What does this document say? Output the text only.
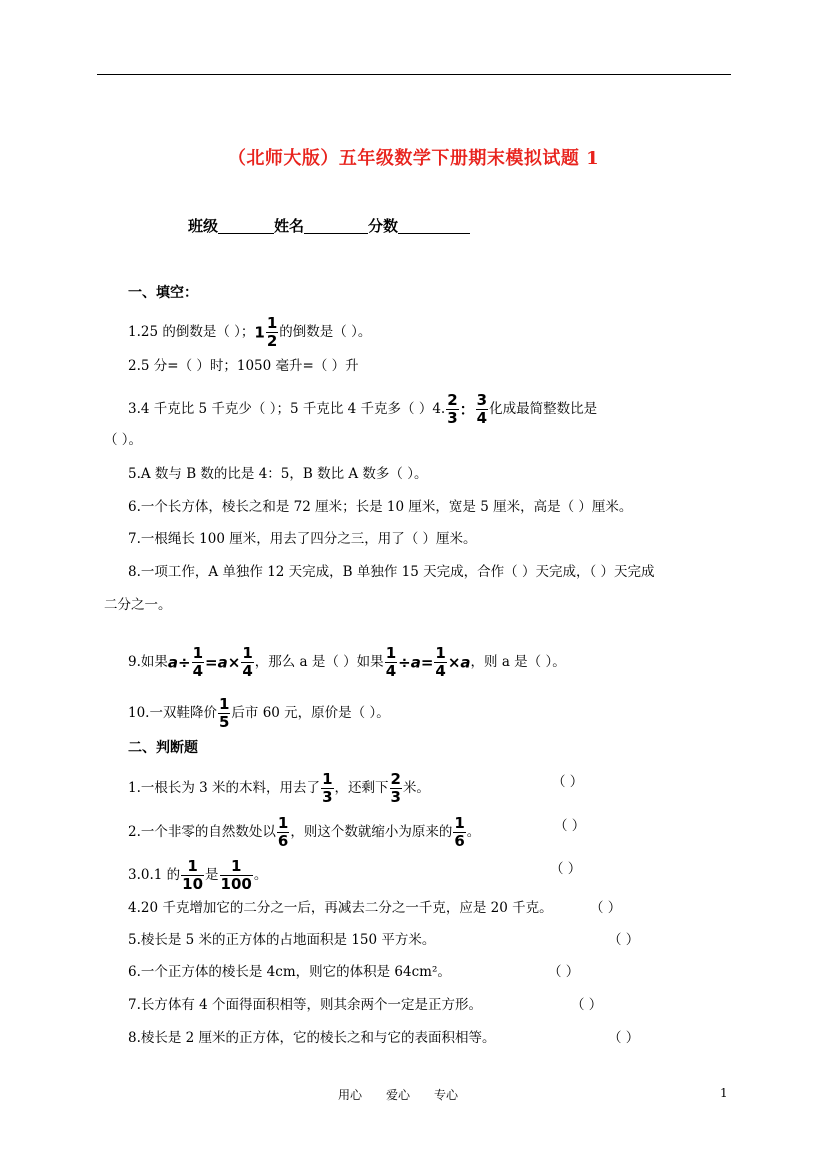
（北师大版）五年级数学下册期末模拟试题 1
班级	姓名	分数
一、填空：
1.25 的倒数是（ ）；$1 \frac{1}{2}$ 的倒数是（ ）。
2.5 分=（ ）时；1050 毫升=（ ）升
3.4 千克比 5 千克少（ ）；5 千克比 4 千克多（ ）4. $\frac{2}{3}$ ： $\frac{3}{4}$ 化成最简整数比是
（ ）。
5.A 数与 B 数的比是 4：5，B 数比 A 数多（ ）。
6.一个长方体，棱长之和是 72 厘米；长是 10 厘米，宽是 5 厘米，高是（ ）厘米。
7.一根绳长 100 厘米，用去了四分之三，用了（ ）厘米。
8.一项工作，A 单独作 12 天完成，B 单独作 15 天完成，合作（ ）天完成，（ ）天完成
二分之一。
9.如果$a\div \frac{1}{4} =a\times \frac{1}{4}$ ，那么 a 是（ ）如果 $\frac{1}{4} \div a= \frac{1}{4} \times a$，则 a 是（ ）。
10.一双鞋降价 $\frac{1}{5}$ 后市 60 元，原价是（ ）。
二、判断题
1.一根长为 3 米的木料，用去了 $\frac{1}{3}$ ，还剩下 $\frac{2}{3}$ 米。	（ ）
2.一个非零的自然数处以 $\frac{1}{6}$ ，则这个数就缩小为原来的 $\frac{1}{6}$ 。	（ ）
3.0.1 的 $\frac{1}{10}$ 是 $\frac{1}{100}$ 。	（ ）
4.20 千克增加它的二分之一后，再减去二分之一千克，应是 20 千克。	（ ）
5.棱长是 5 米的正方体的占地面积是 150 平方米。	（ ）
6.一个正方体的棱长是 4cm，则它的体积是 64cm²。	（ ）
7.长方体有 4 个面得面积相等，则其余两个一定是正方形。	（ ）
8.棱长是 2 厘米的正方体，它的棱长之和与它的表面积相等。	（ ）
用心 爱心 专心	1
